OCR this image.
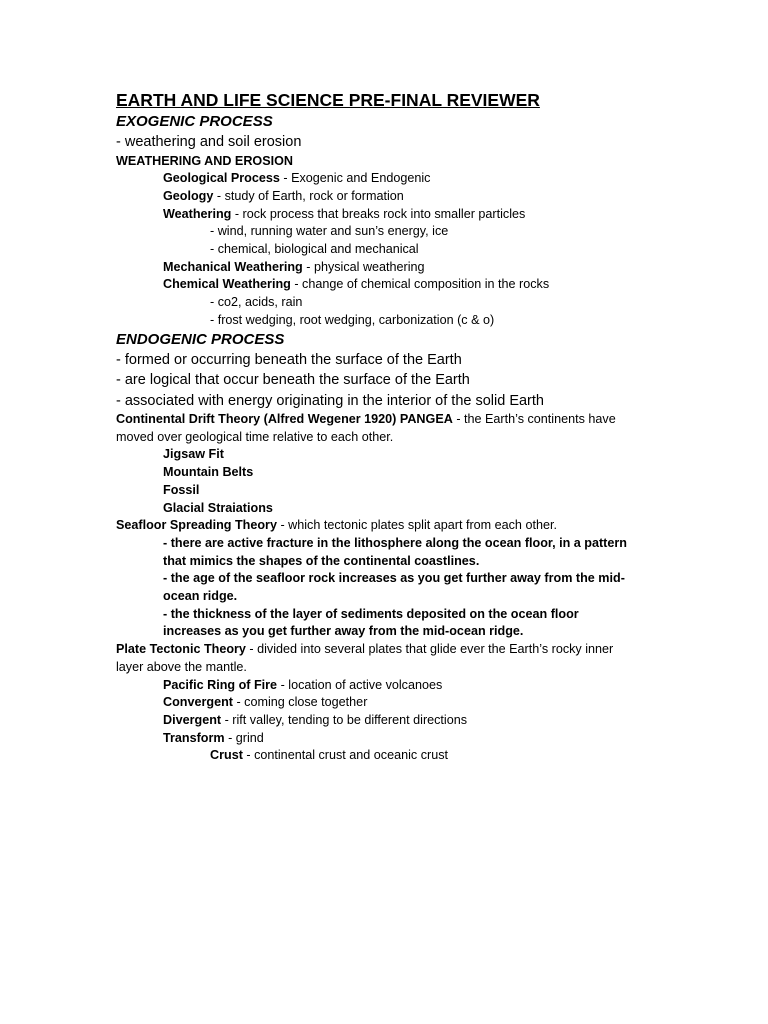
EARTH AND LIFE SCIENCE PRE-FINAL REVIEWER
EXOGENIC PROCESS
- weathering and soil erosion
WEATHERING AND EROSION
Geological Process - Exogenic and Endogenic
Geology - study of Earth, rock or formation
Weathering - rock process that breaks rock into smaller particles
- wind, running water and sun’s energy, ice
- chemical, biological and mechanical
Mechanical Weathering - physical weathering
Chemical Weathering - change of chemical composition in the rocks
- co2, acids, rain
- frost wedging, root wedging, carbonization (c & o)
ENDOGENIC PROCESS
- formed or occurring beneath the surface of the Earth
- are logical that occur beneath the surface of the Earth
- associated with energy originating in the interior of the solid Earth
Continental Drift Theory (Alfred Wegener 1920) PANGEA - the Earth’s continents have moved over geological time relative to each other.
Jigsaw Fit
Mountain Belts
Fossil
Glacial Straiations
Seafloor Spreading Theory - which tectonic plates split apart from each other.
- there are active fracture in the lithosphere along the ocean floor, in a pattern that mimics the shapes of the continental coastlines.
- the age of the seafloor rock increases as you get further away from the mid-ocean ridge.
- the thickness of the layer of sediments deposited on the ocean floor increases as you get further away from the mid-ocean ridge.
Plate Tectonic Theory - divided into several plates that glide ever the Earth’s rocky inner layer above the mantle.
Pacific Ring of Fire - location of active volcanoes
Convergent - coming close together
Divergent - rift valley, tending to be different directions
Transform - grind
Crust - continental crust and oceanic crust
